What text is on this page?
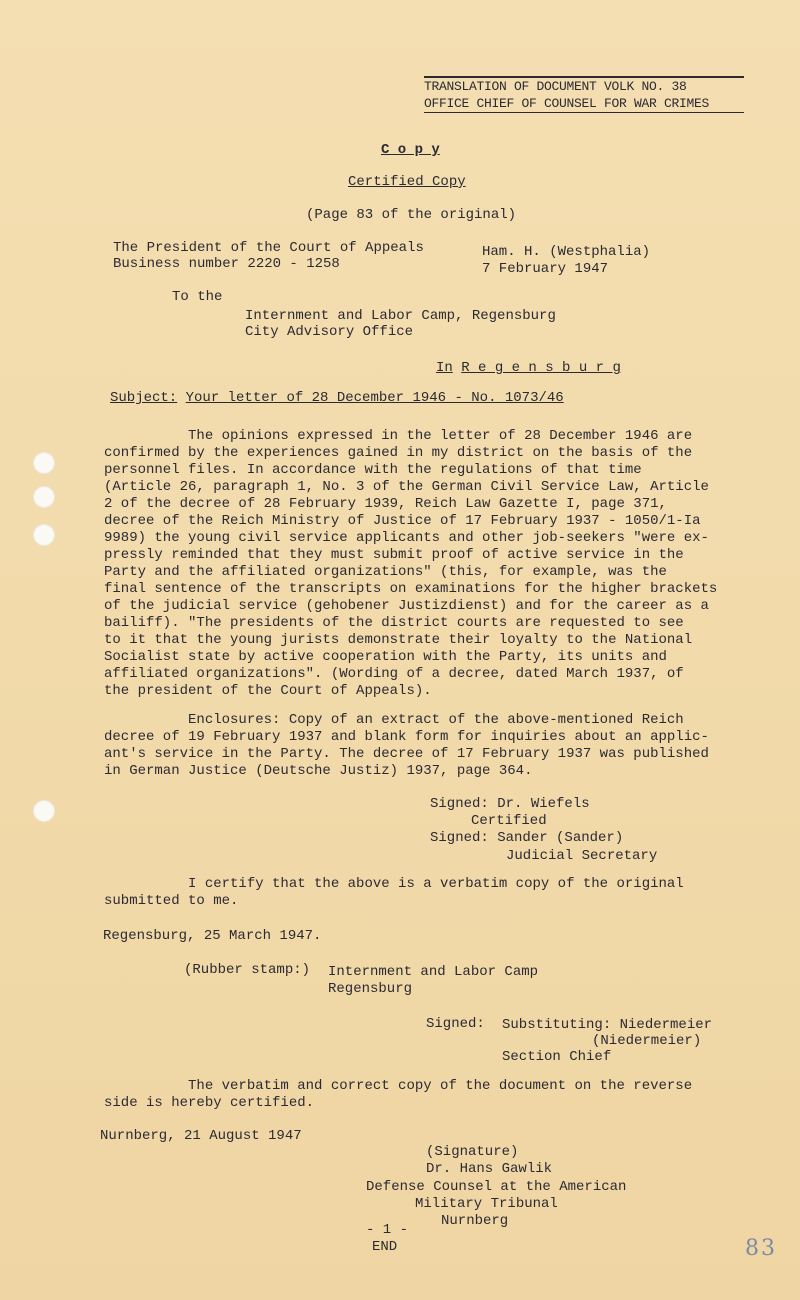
TRANSLATION OF DOCUMENT VOLK NO. 38
OFFICE CHIEF OF COUNSEL FOR WAR CRIMES
C o p y
Certified Copy
(Page 83 of the original)
The President of the Court of Appeals
Business number 2220 - 1258
Ham. H. (Westphalia)
7 February 1947
To the
Internment and Labor Camp, Regensburg
City Advisory Office
In R e g e n s b u r g
Subject: Your letter of 28 December 1946 - No. 1073/46
The opinions expressed in the letter of 28 December 1946 are
confirmed by the experiences gained in my district on the basis of the
personnel files. In accordance with the regulations of that time
(Article 26, paragraph 1, No. 3 of the German Civil Service Law, Article
2 of the decree of 28 February 1939, Reich Law Gazette I, page 371,
decree of the Reich Ministry of Justice of 17 February 1937 - 1050/1-Ia
9989) the young civil service applicants and other job-seekers "were ex-
pressly reminded that they must submit proof of active service in the
Party and the affiliated organizations" (this, for example, was the
final sentence of the transcripts on examinations for the higher brackets
of the judicial service (gehobener Justizdienst) and for the career as a
bailiff). "The presidents of the district courts are requested to see
to it that the young jurists demonstrate their loyalty to the National
Socialist state by active cooperation with the Party, its units and
affiliated organizations". (Wording of a decree, dated March 1937, of
the president of the Court of Appeals).
Enclosures: Copy of an extract of the above-mentioned Reich
decree of 19 February 1937 and blank form for inquiries about an applic-
ant's service in the Party. The decree of 17 February 1937 was published
in German Justice (Deutsche Justiz) 1937, page 364.
Signed: Dr. Wiefels
Certified
Signed: Sander (Sander)
Judicial Secretary
I certify that the above is a verbatim copy of the original
submitted to me.
Regensburg, 25 March 1947.
(Rubber stamp:) Internment and Labor Camp
Regensburg
Signed: Substituting: Niedermeier
(Niedermeier)
Section Chief
The verbatim and correct copy of the document on the reverse
side is hereby certified.
Nurnberg, 21 August 1947
(Signature)
Dr. Hans Gawlik
Defense Counsel at the American
Military Tribunal
Nurnberg
- 1 -
END	83
